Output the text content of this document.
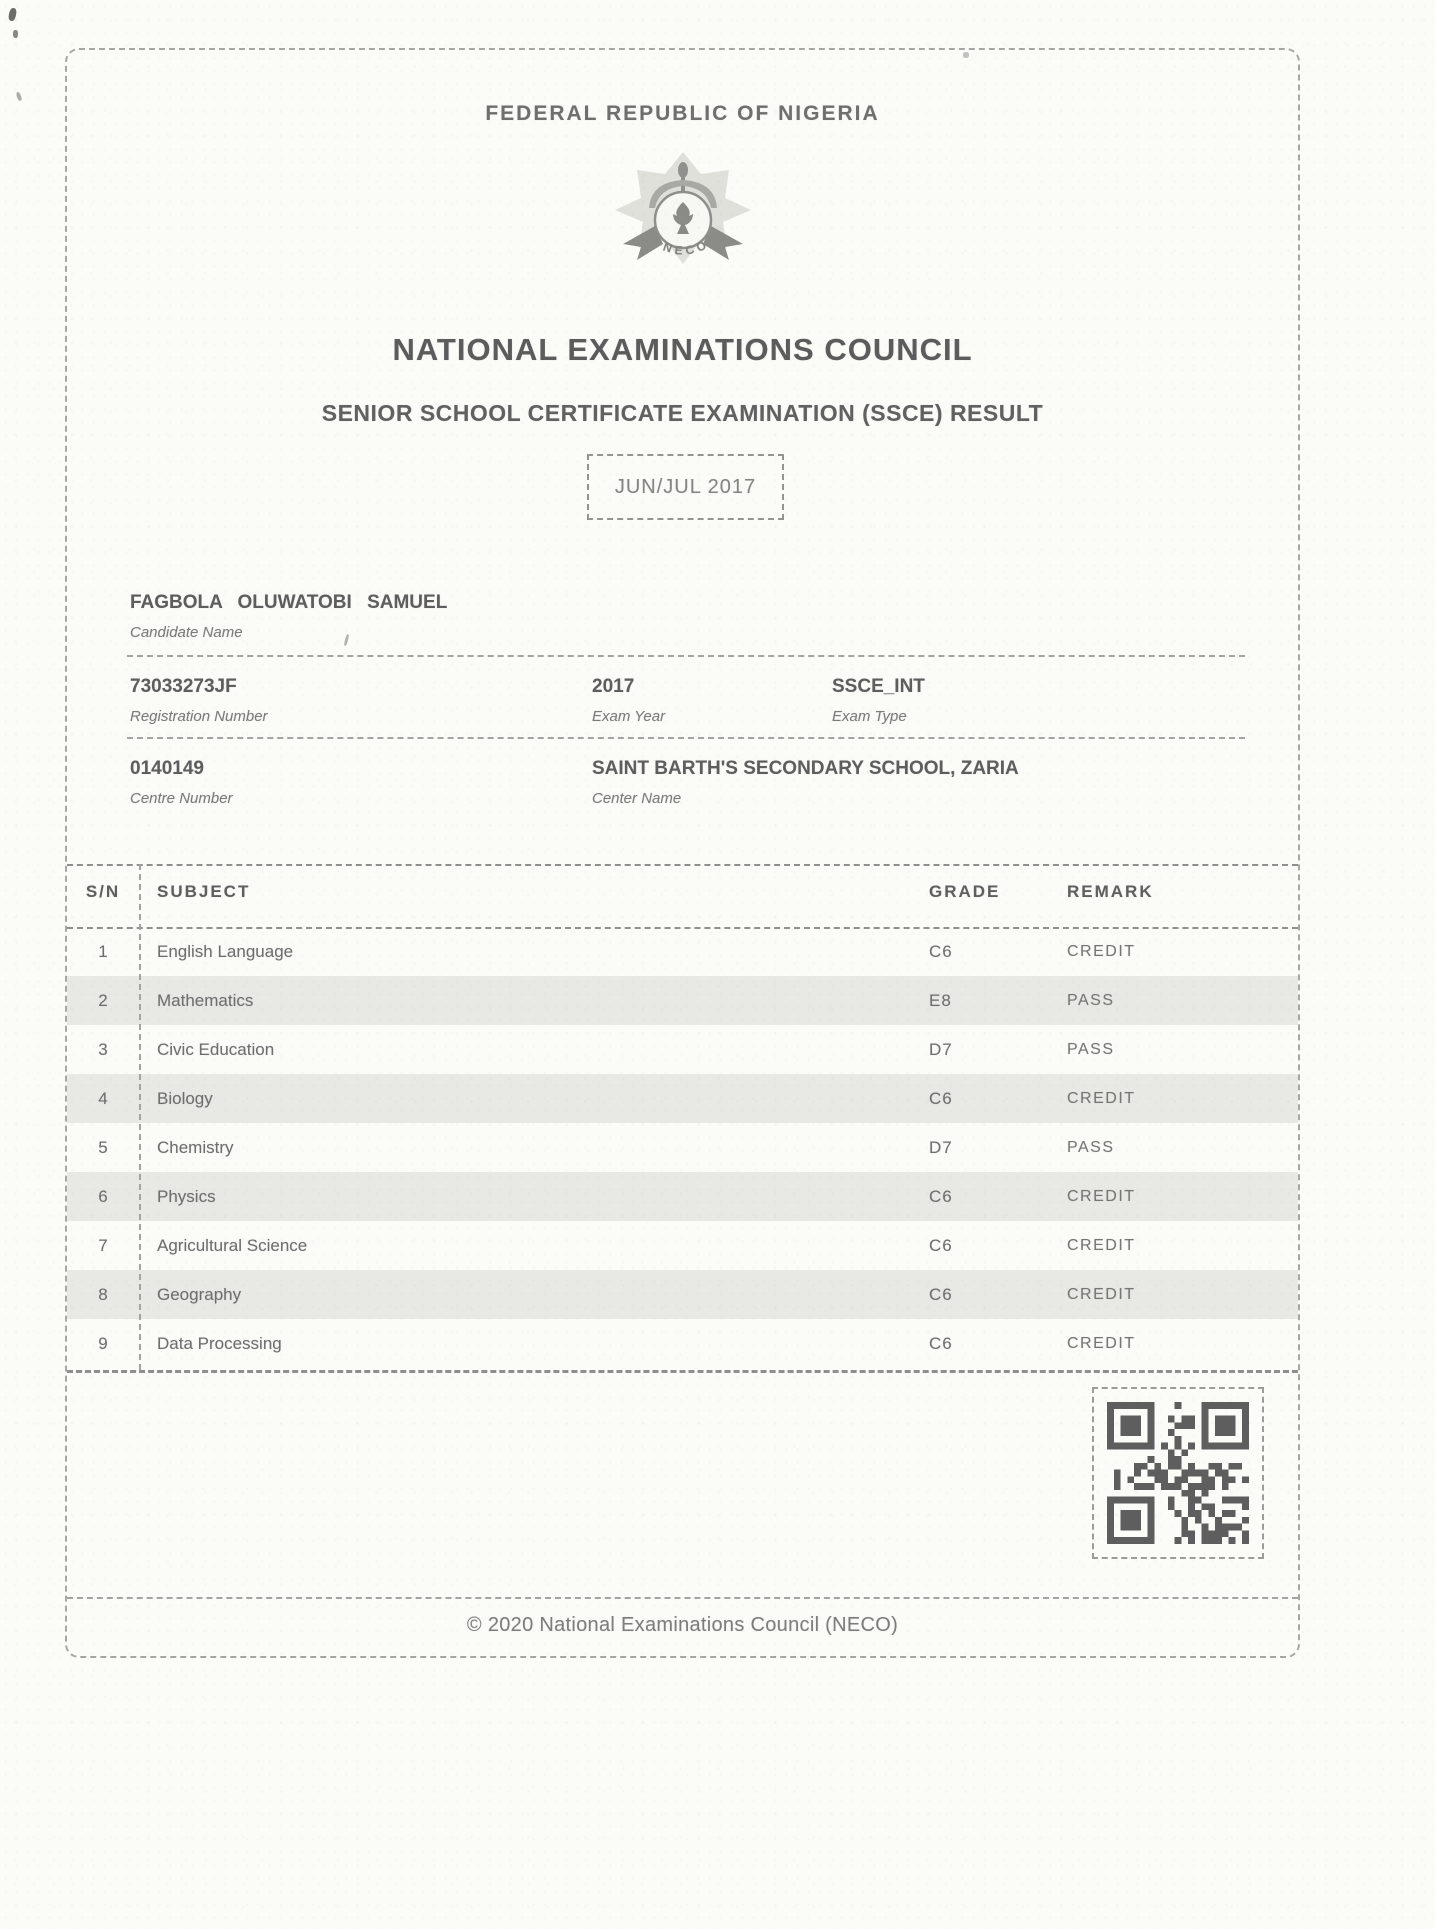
FEDERAL REPUBLIC OF NIGERIA
NECO
NATIONAL EXAMINATIONS COUNCIL
SENIOR SCHOOL CERTIFICATE EXAMINATION (SSCE) RESULT
JUN/JUL 2017
FAGBOLA OLUWATOBI SAMUEL
Candidate Name
73033273JF	2017	SSCE_INT
Registration Number	Exam Year	Exam Type
0140149	SAINT BARTH'S SECONDARY SCHOOL, ZARIA
Centre Number	Center Name
S/N	SUBJECT	GRADE	REMARK
1	English Language	C6	CREDIT
2	Mathematics	E8	PASS
3	Civic Education	D7	PASS
4	Biology	C6	CREDIT
5	Chemistry	D7	PASS
6	Physics	C6	CREDIT
7	Agricultural Science	C6	CREDIT
8	Geography	C6	CREDIT
9	Data Processing	C6	CREDIT
© 2020 National Examinations Council (NECO)
